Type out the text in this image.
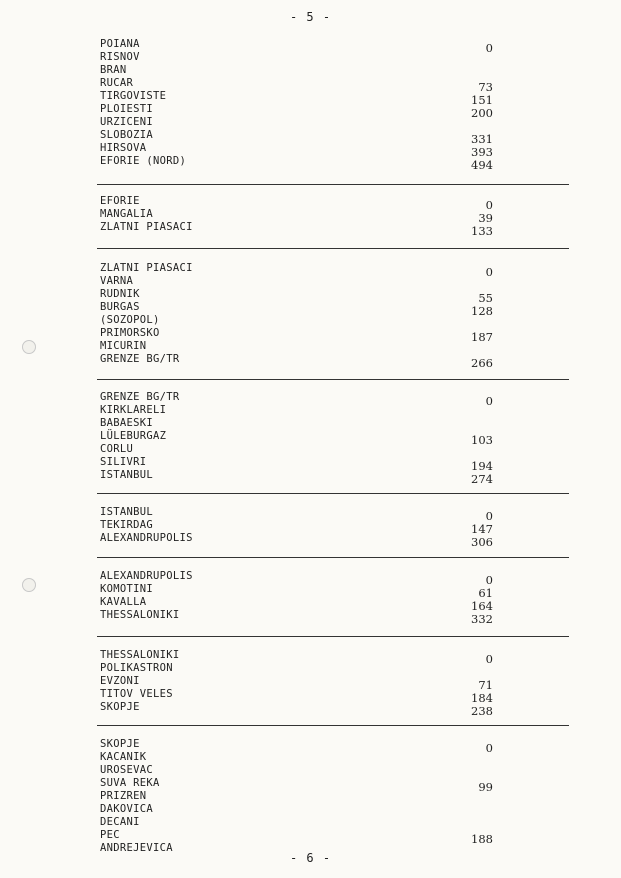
- 5 -
POIANA	0
RISNOV
BRAN
RUCAR	73
TIRGOVISTE	151
PLOIESTI	200
URZICENI
SLOBOZIA	331
HIRSOVA	393
EFORIE (NORD)	494
EFORIE	0
MANGALIA	39
ZLATNI PIASACI	133
ZLATNI PIASACI	0
VARNA
RUDNIK	55
BURGAS	128
(SOZOPOL)
PRIMORSKO	187
MICURIN
GRENZE BG/TR	266
GRENZE BG/TR	0
KIRKLARELI
BABAESKI
LÜLEBURGAZ	103
CORLU
SILIVRI	194
ISTANBUL	274
ISTANBUL	0
TEKIRDAG	147
ALEXANDRUPOLIS	306
ALEXANDRUPOLIS	0
KOMOTINI	61
KAVALLA	164
THESSALONIKI	332
THESSALONIKI	0
POLIKASTRON
EVZONI	71
TITOV VELES	184
SKOPJE	238
SKOPJE	0
KACANIK
UROSEVAC
SUVA REKA	99
PRIZREN
DAKOVICA
DECANI
PEC	188
ANDREJEVICA
- 6 -
